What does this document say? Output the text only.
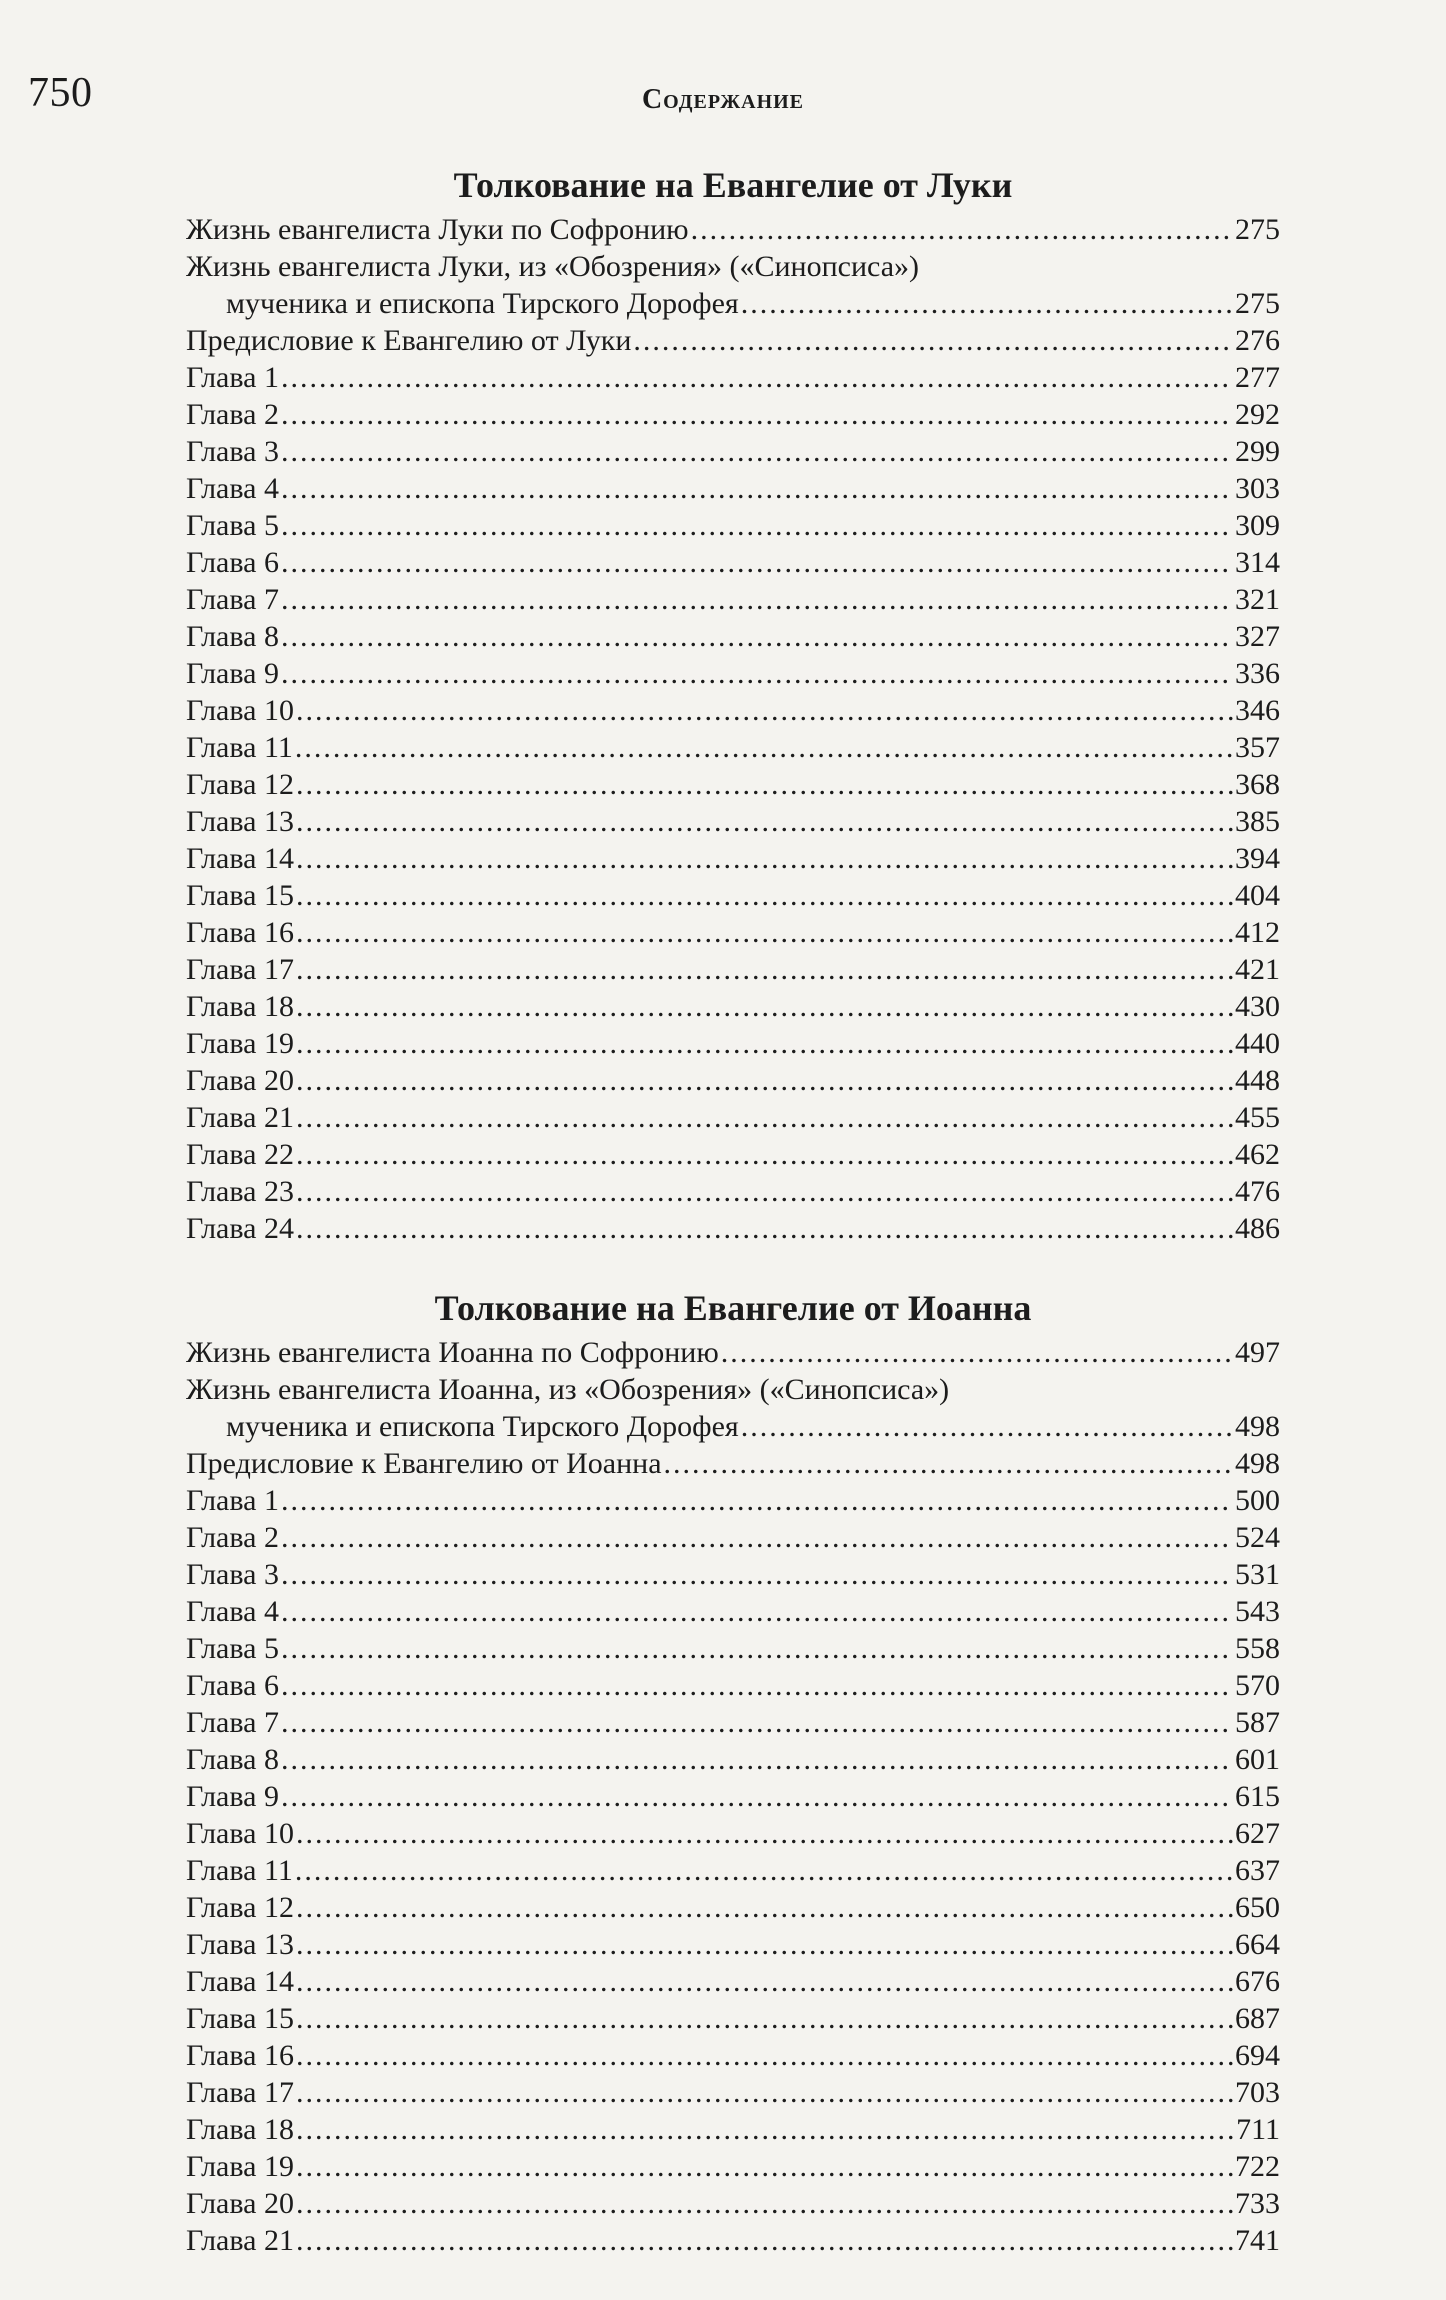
750	Содержание
Толкование на Евангелие от Луки
Жизнь евангелиста Луки по Софронию .....	275
Жизнь евангелиста Луки, из «Обозрения» («Синопсиса»)
мученика и епископа Тирского Дорофея .....	275
Предисловие к Евангелию от Луки .....	276
Глава 1 .....	277
Глава 2 .....	292
Глава 3 .....	299
Глава 4 .....	303
Глава 5 .....	309
Глава 6 .....	314
Глава 7 .....	321
Глава 8 .....	327
Глава 9 .....	336
Глава 10 .....	346
Глава 11 .....	357
Глава 12 .....	368
Глава 13 .....	385
Глава 14 .....	394
Глава 15 .....	404
Глава 16 .....	412
Глава 17 .....	421
Глава 18 .....	430
Глава 19 .....	440
Глава 20 .....	448
Глава 21 .....	455
Глава 22 .....	462
Глава 23 .....	476
Глава 24 .....	486
Толкование на Евангелие от Иоанна
Жизнь евангелиста Иоанна по Софронию .....	497
Жизнь евангелиста Иоанна, из «Обозрения» («Синопсиса»)
мученика и епископа Тирского Дорофея .....	498
Предисловие к Евангелию от Иоанна .....	498
Глава 1 .....	500
Глава 2 .....	524
Глава 3 .....	531
Глава 4 .....	543
Глава 5 .....	558
Глава 6 .....	570
Глава 7 .....	587
Глава 8 .....	601
Глава 9 .....	615
Глава 10 .....	627
Глава 11 .....	637
Глава 12 .....	650
Глава 13 .....	664
Глава 14 .....	676
Глава 15 .....	687
Глава 16 .....	694
Глава 17 .....	703
Глава 18 .....	711
Глава 19 .....	722
Глава 20 .....	733
Глава 21 .....	741
